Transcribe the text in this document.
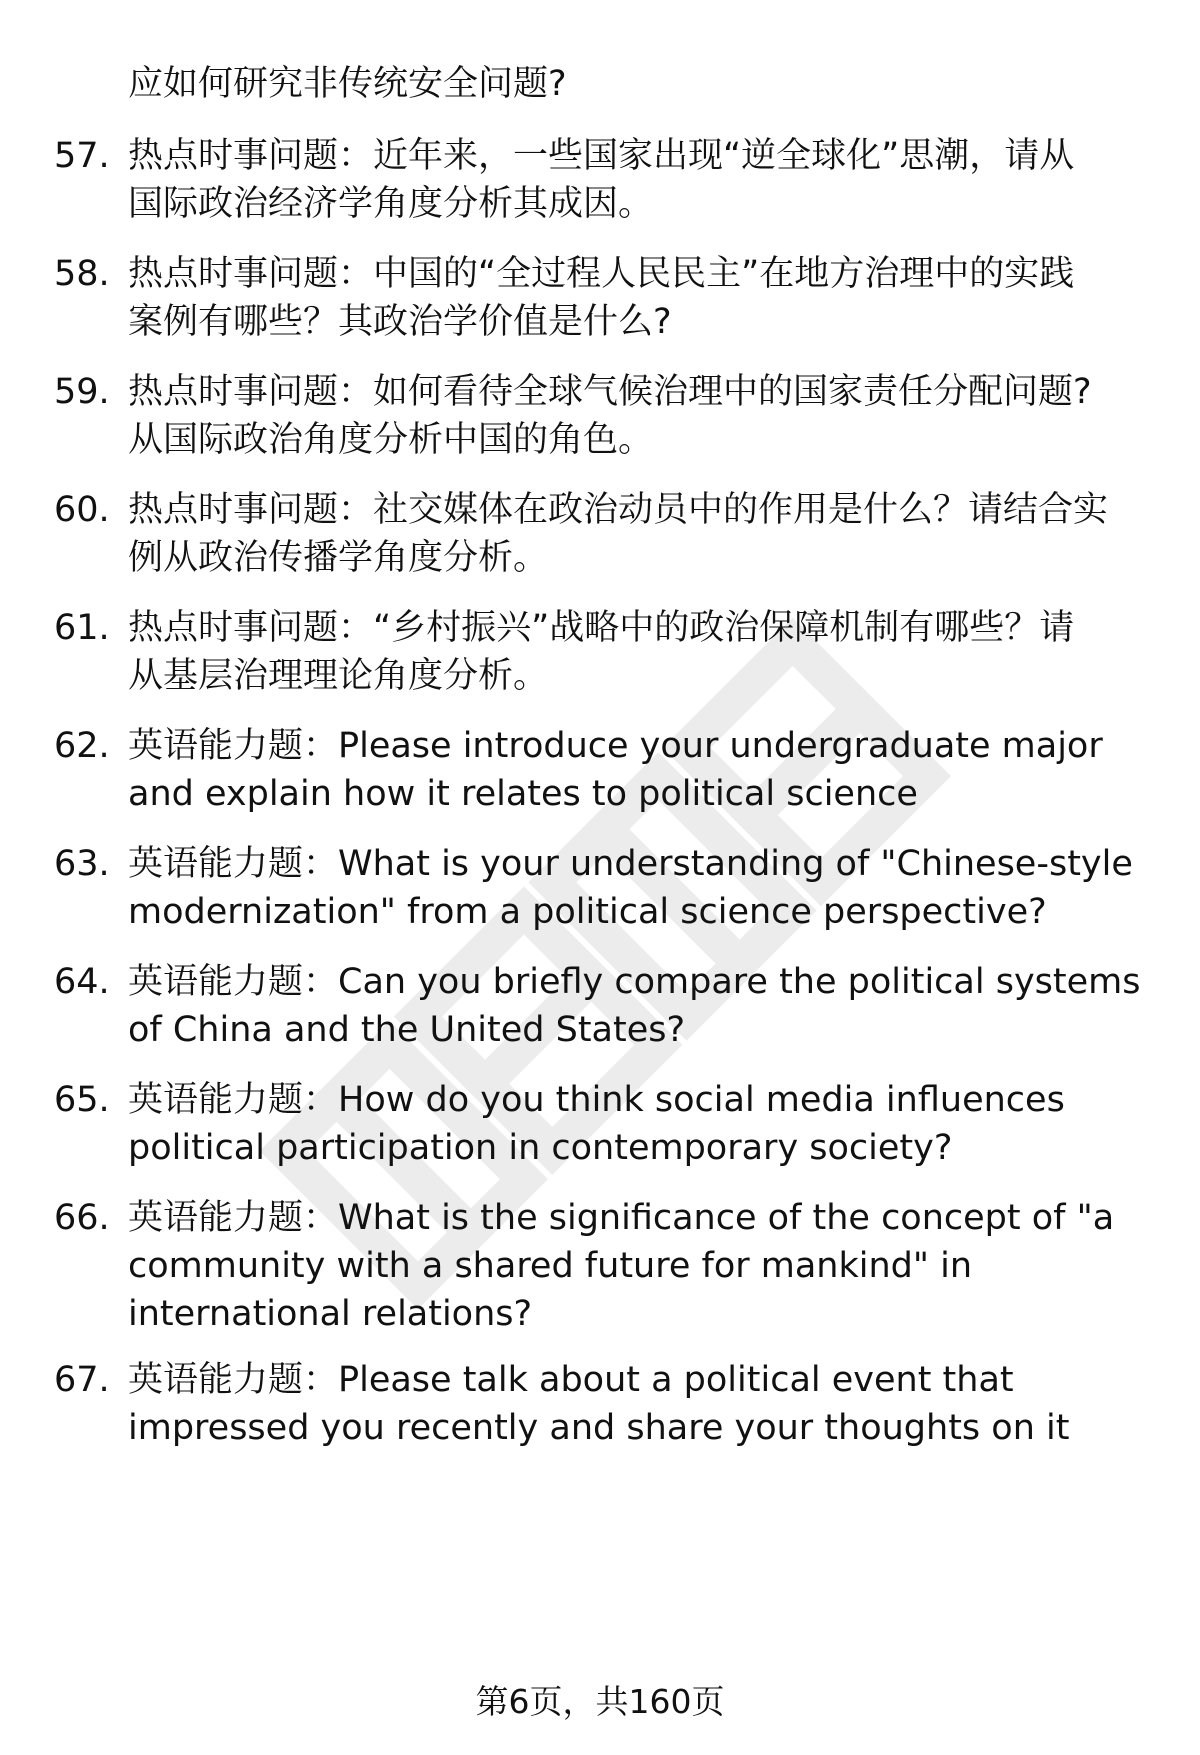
应如何研究非传统安全问题?
57. 热点时事问题：近年来，一些国家出现“逆全球化”思潮，请从
国际政治经济学角度分析其成因。
58. 热点时事问题：中国的“全过程人民民主”在地方治理中的实践
案例有哪些？其政治学价值是什么?
59. 热点时事问题：如何看待全球气候治理中的国家责任分配问题?
从国际政治角度分析中国的角色。
60. 热点时事问题：社交媒体在政治动员中的作用是什么？请结合实
例从政治传播学角度分析。
61. 热点时事问题：“乡村振兴”战略中的政治保障机制有哪些？请
从基层治理理论角度分析。
62. 英语能力题：Please introduce your undergraduate major
and explain how it relates to political science
63. 英语能力题：What is your understanding of "Chinese-style
modernization" from a political science perspective?
64. 英语能力题：Can you briefly compare the political systems
of China and the United States?
65. 英语能力题：How do you think social media influences
political participation in contemporary society?
66. 英语能力题：What is the significance of the concept of "a
community with a shared future for mankind" in
international relations?
67. 英语能力题：Please talk about a political event that
impressed you recently and share your thoughts on it
第6页，共160页
